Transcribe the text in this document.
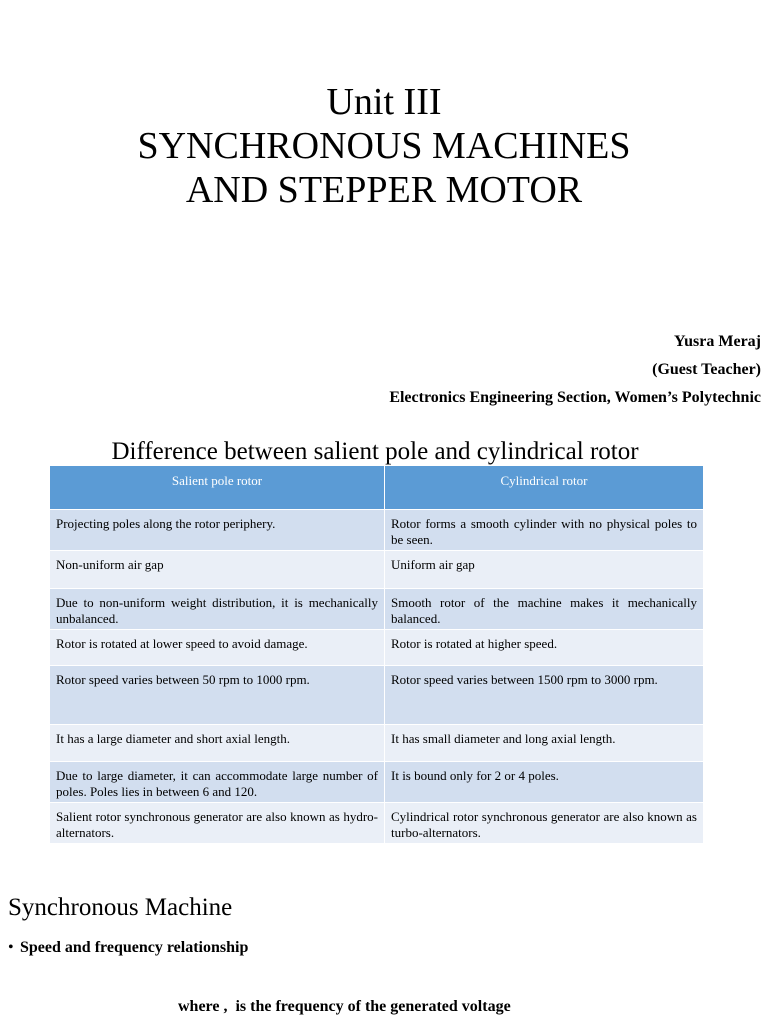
Unit III
SYNCHRONOUS MACHINES
AND STEPPER MOTOR
Yusra Meraj
(Guest Teacher)
Electronics Engineering Section, Women’s Polytechnic
Difference between salient pole and cylindrical rotor
Salient pole rotor	Cylindrical rotor
Projecting poles along the rotor periphery.	Rotor forms a smooth cylinder with no physical poles to be seen.
Non-uniform air gap	Uniform air gap
Due to non-uniform weight distribution, it is mechanically unbalanced.	Smooth rotor of the machine makes it mechanically balanced.
Rotor is rotated at lower speed to avoid damage.	Rotor is rotated at higher speed.
Rotor speed varies between 50 rpm to 1000 rpm.	Rotor speed varies between 1500 rpm to 3000 rpm.
It has a large diameter and short axial length.	It has small diameter and long axial length.
Due to large diameter, it can accommodate large number of poles. Poles lies in between 6 and 120.	It is bound only for 2 or 4 poles.
Salient rotor synchronous generator are also known as hydro-alternators.	Cylindrical rotor synchronous generator are also known as turbo-alternators.
Synchronous Machine
• Speed and frequency relationship
where ,  is the frequency of the generated voltage
